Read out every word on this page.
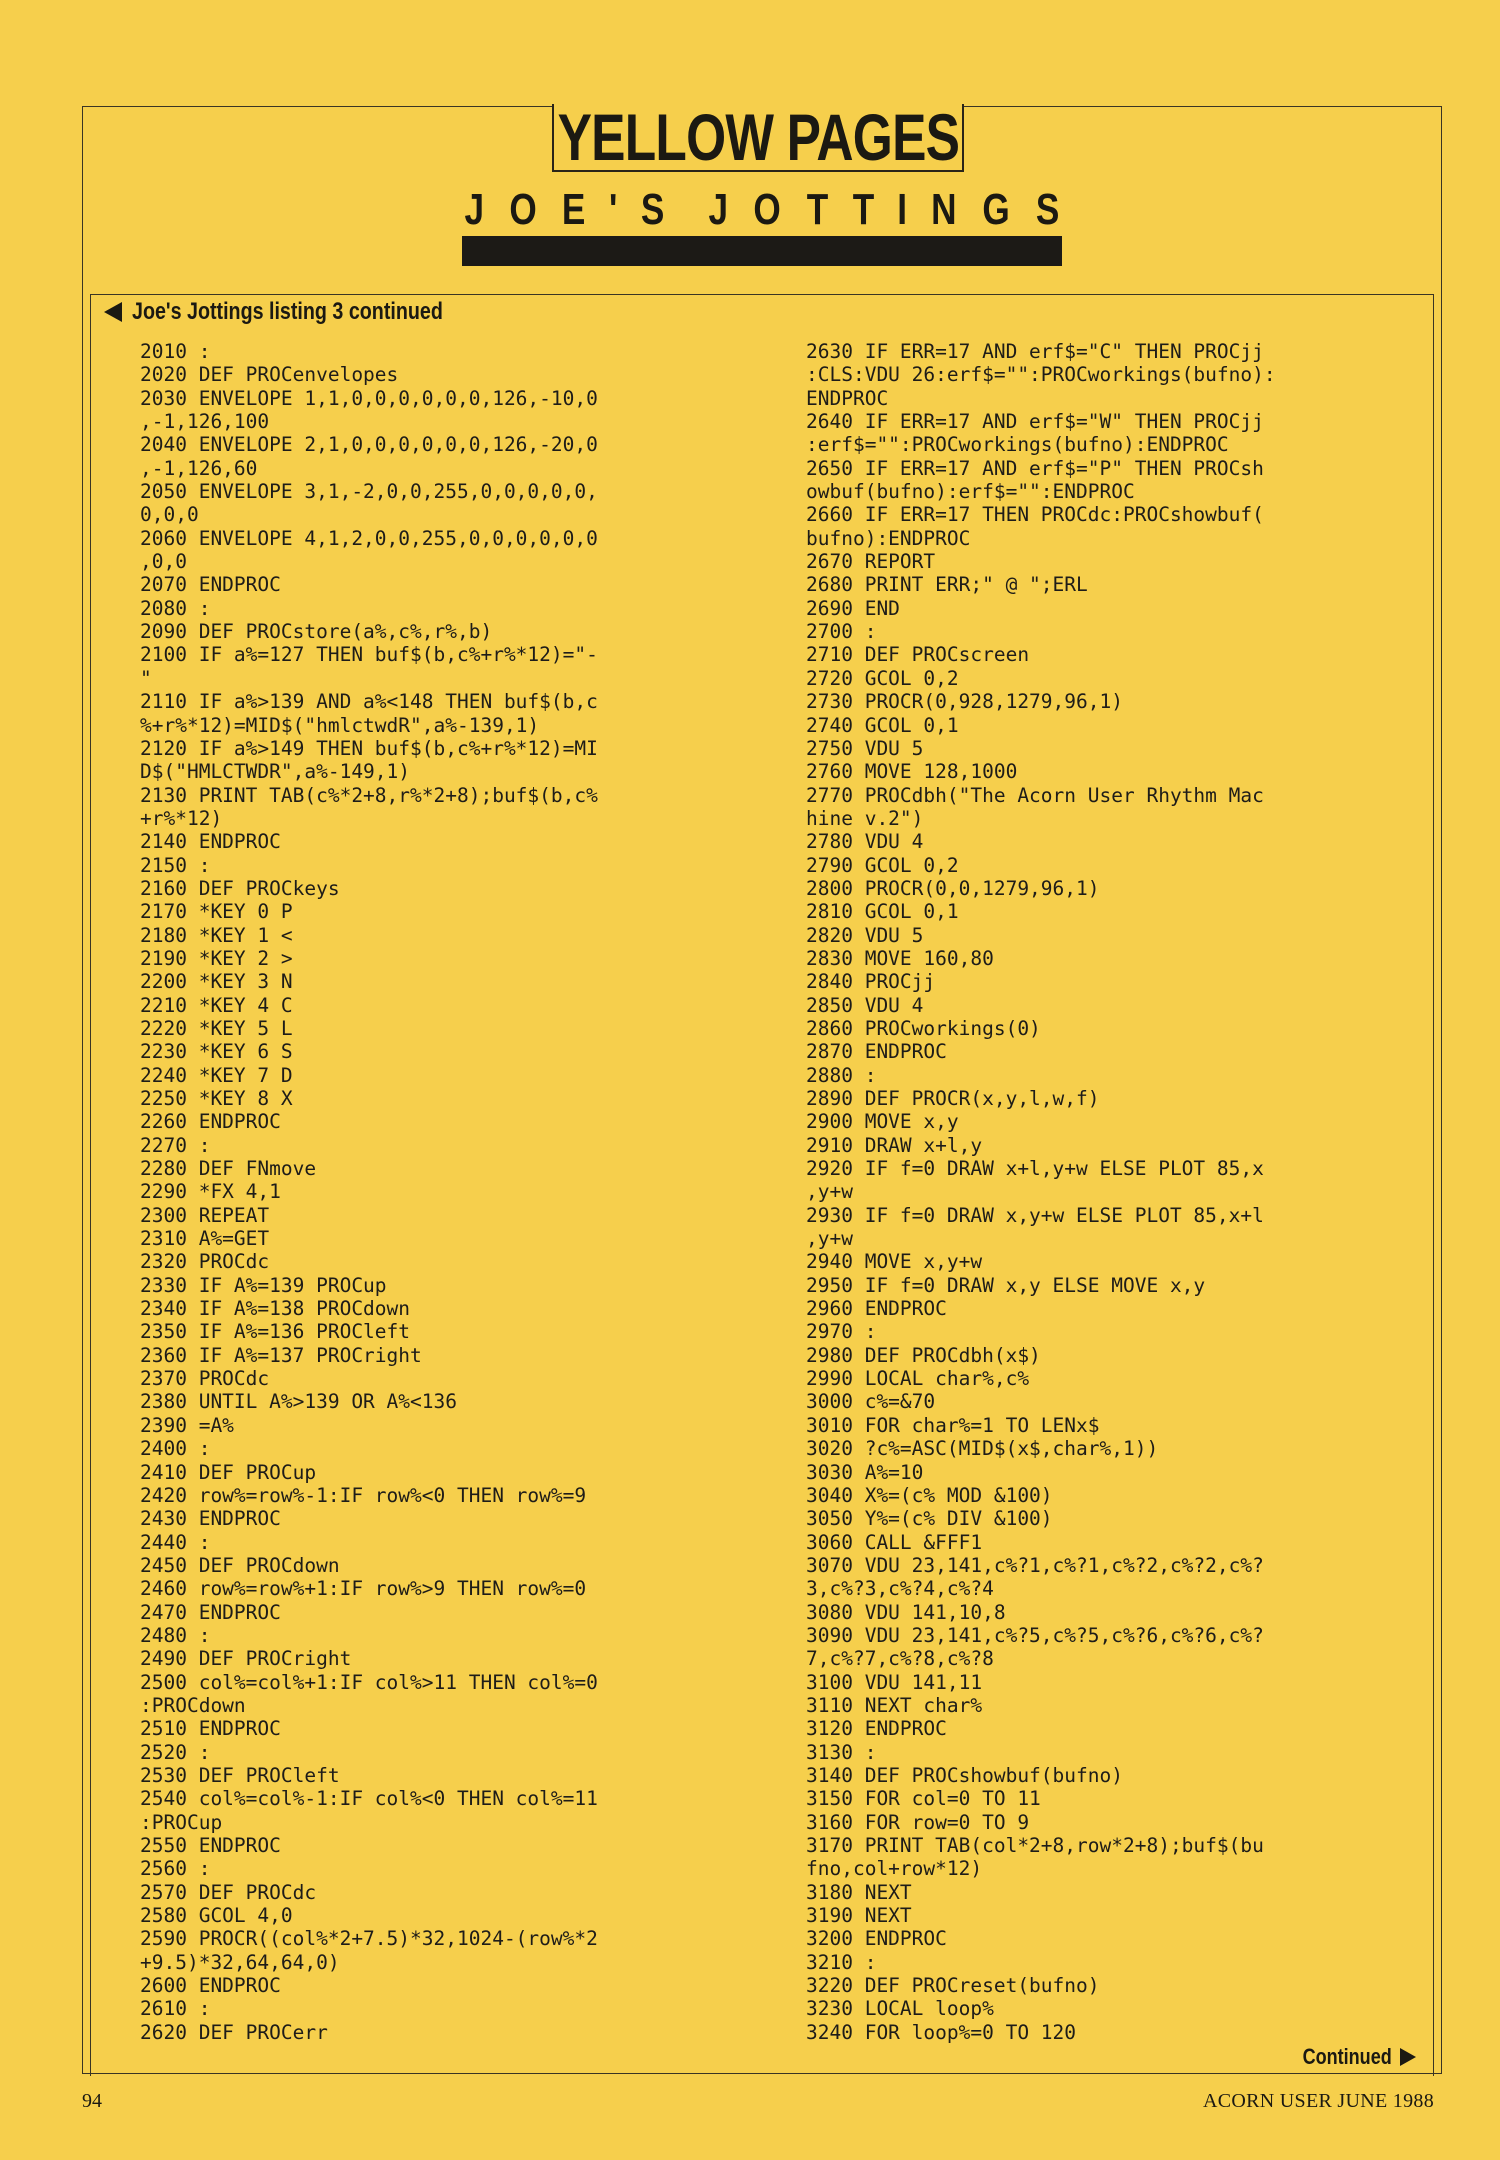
YELLOW PAGES
J O E ' S J O T T I N G S
Joe's Jottings listing 3 continued
2010 :
2020 DEF PROCenvelopes
2030 ENVELOPE 1,1,0,0,0,0,0,0,126,-10,0
,-1,126,100
2040 ENVELOPE 2,1,0,0,0,0,0,0,126,-20,0
,-1,126,60
2050 ENVELOPE 3,1,-2,0,0,255,0,0,0,0,0,
0,0,0
2060 ENVELOPE 4,1,2,0,0,255,0,0,0,0,0,0
,0,0
2070 ENDPROC
2080 :
2090 DEF PROCstore(a%,c%,r%,b)
2100 IF a%=127 THEN buf$(b,c%+r%*12)="-
"
2110 IF a%>139 AND a%<148 THEN buf$(b,c
%+r%*12)=MID$("hmlctwdR",a%-139,1)
2120 IF a%>149 THEN buf$(b,c%+r%*12)=MI
D$("HMLCTWDR",a%-149,1)
2130 PRINT TAB(c%*2+8,r%*2+8);buf$(b,c%
+r%*12)
2140 ENDPROC
2150 :
2160 DEF PROCkeys
2170 *KEY 0 P
2180 *KEY 1 <
2190 *KEY 2 >
2200 *KEY 3 N
2210 *KEY 4 C
2220 *KEY 5 L
2230 *KEY 6 S
2240 *KEY 7 D
2250 *KEY 8 X
2260 ENDPROC
2270 :
2280 DEF FNmove
2290 *FX 4,1
2300 REPEAT
2310 A%=GET
2320 PROCdc
2330 IF A%=139 PROCup
2340 IF A%=138 PROCdown
2350 IF A%=136 PROCleft
2360 IF A%=137 PROCright
2370 PROCdc
2380 UNTIL A%>139 OR A%<136
2390 =A%
2400 :
2410 DEF PROCup
2420 row%=row%-1:IF row%<0 THEN row%=9
2430 ENDPROC
2440 :
2450 DEF PROCdown
2460 row%=row%+1:IF row%>9 THEN row%=0
2470 ENDPROC
2480 :
2490 DEF PROCright
2500 col%=col%+1:IF col%>11 THEN col%=0
:PROCdown
2510 ENDPROC
2520 :
2530 DEF PROCleft
2540 col%=col%-1:IF col%<0 THEN col%=11
:PROCup
2550 ENDPROC
2560 :
2570 DEF PROCdc
2580 GCOL 4,0
2590 PROCR((col%*2+7.5)*32,1024-(row%*2
+9.5)*32,64,64,0)
2600 ENDPROC
2610 :
2620 DEF PROCerr
2630 IF ERR=17 AND erf$="C" THEN PROCjj
:CLS:VDU 26:erf$="":PROCworkings(bufno):
ENDPROC
2640 IF ERR=17 AND erf$="W" THEN PROCjj
:erf$="":PROCworkings(bufno):ENDPROC
2650 IF ERR=17 AND erf$="P" THEN PROCsh
owbuf(bufno):erf$="":ENDPROC
2660 IF ERR=17 THEN PROCdc:PROCshowbuf(
bufno):ENDPROC
2670 REPORT
2680 PRINT ERR;" @ ";ERL
2690 END
2700 :
2710 DEF PROCscreen
2720 GCOL 0,2
2730 PROCR(0,928,1279,96,1)
2740 GCOL 0,1
2750 VDU 5
2760 MOVE 128,1000
2770 PROCdbh("The Acorn User Rhythm Mac
hine v.2")
2780 VDU 4
2790 GCOL 0,2
2800 PROCR(0,0,1279,96,1)
2810 GCOL 0,1
2820 VDU 5
2830 MOVE 160,80
2840 PROCjj
2850 VDU 4
2860 PROCworkings(0)
2870 ENDPROC
2880 :
2890 DEF PROCR(x,y,l,w,f)
2900 MOVE x,y
2910 DRAW x+l,y
2920 IF f=0 DRAW x+l,y+w ELSE PLOT 85,x
,y+w
2930 IF f=0 DRAW x,y+w ELSE PLOT 85,x+l
,y+w
2940 MOVE x,y+w
2950 IF f=0 DRAW x,y ELSE MOVE x,y
2960 ENDPROC
2970 :
2980 DEF PROCdbh(x$)
2990 LOCAL char%,c%
3000 c%=&70
3010 FOR char%=1 TO LENx$
3020 ?c%=ASC(MID$(x$,char%,1))
3030 A%=10
3040 X%=(c% MOD &100)
3050 Y%=(c% DIV &100)
3060 CALL &FFF1
3070 VDU 23,141,c%?1,c%?1,c%?2,c%?2,c%?
3,c%?3,c%?4,c%?4
3080 VDU 141,10,8
3090 VDU 23,141,c%?5,c%?5,c%?6,c%?6,c%?
7,c%?7,c%?8,c%?8
3100 VDU 141,11
3110 NEXT char%
3120 ENDPROC
3130 :
3140 DEF PROCshowbuf(bufno)
3150 FOR col=0 TO 11
3160 FOR row=0 TO 9
3170 PRINT TAB(col*2+8,row*2+8);buf$(bu
fno,col+row*12)
3180 NEXT
3190 NEXT
3200 ENDPROC
3210 :
3220 DEF PROCreset(bufno)
3230 LOCAL loop%
3240 FOR loop%=0 TO 120
Continued
94	ACORN USER JUNE 1988
